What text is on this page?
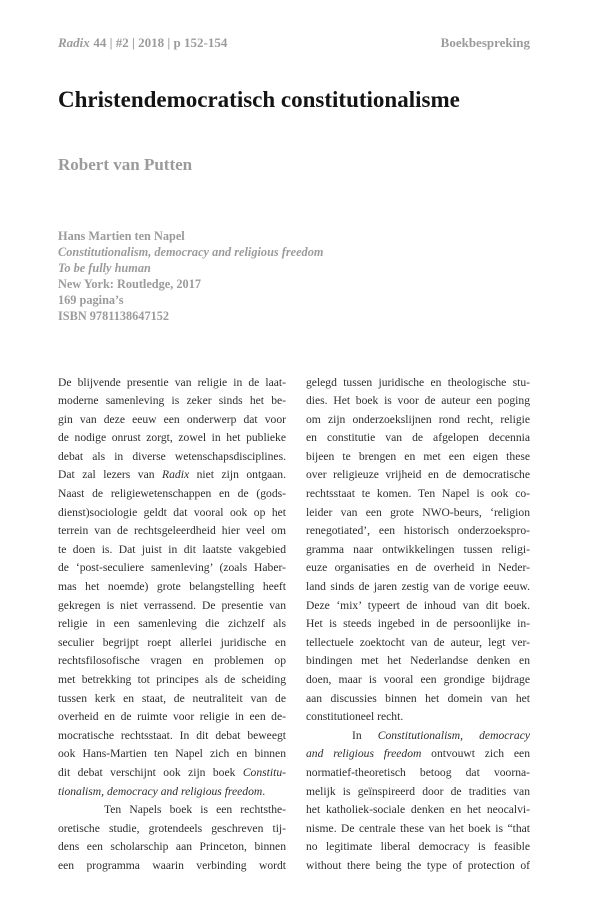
Radix 44 | #2 | 2018 | p 152-154	Boekbespreking
Christendemocratisch constitutionalisme
Robert van Putten
Hans Martien ten Napel
Constitutionalism, democracy and religious freedom
To be fully human
New York: Routledge, 2017
169 pagina’s
ISBN 9781138647152
De blijvende presentie van religie in de laat-
moderne samenleving is zeker sinds het be-
gin van deze eeuw een onderwerp dat voor
de nodige onrust zorgt, zowel in het publieke
debat als in diverse wetenschapsdisciplines.
Dat zal lezers van Radix niet zijn ontgaan.
Naast de religiewetenschappen en de (gods-
dienst)sociologie geldt dat vooral ook op het
terrein van de rechtsgeleerdheid hier veel om
te doen is. Dat juist in dit laatste vakgebied
de ‘post-seculiere samenleving’ (zoals Haber-
mas het noemde) grote belangstelling heeft
gekregen is niet verrassend. De presentie van
religie in een samenleving die zichzelf als
seculier begrijpt roept allerlei juridische en
rechtsfilosofische vragen en problemen op
met betrekking tot principes als de scheiding
tussen kerk en staat, de neutraliteit van de
overheid en de ruimte voor religie in een de-
mocratische rechtsstaat. In dit debat beweegt
ook Hans-Martien ten Napel zich en binnen
dit debat verschijnt ook zijn boek Constitu-
tionalism, democracy and religious freedom.
Ten Napels boek is een rechtsthe-
oretische studie, grotendeels geschreven tij-
dens een scholarschip aan Princeton, binnen
een programma waarin verbinding wordt
gelegd tussen juridische en theologische stu-
dies. Het boek is voor de auteur een poging
om zijn onderzoekslijnen rond recht, religie
en constitutie van de afgelopen decennia
bijeen te brengen en met een eigen these
over religieuze vrijheid en de democratische
rechtsstaat te komen. Ten Napel is ook co-
leider van een grote NWO-beurs, ‘religion
renegotiated’, een historisch onderzoekspro-
gramma naar ontwikkelingen tussen religi-
euze organisaties en de overheid in Neder-
land sinds de jaren zestig van de vorige eeuw.
Deze ‘mix’ typeert de inhoud van dit boek.
Het is steeds ingebed in de persoonlijke in-
tellectuele zoektocht van de auteur, legt ver-
bindingen met het Nederlandse denken en
doen, maar is vooral een grondige bijdrage
aan discussies binnen het domein van het
constitutioneel recht.
In Constitutionalism, democracy
and religious freedom ontvouwt zich een
normatief-theoretisch betoog dat voorna-
melijk is geïnspireerd door de tradities van
het katholiek-sociale denken en het neocalvi-
nisme. De centrale these van het boek is “that
no legitimate liberal democracy is feasible
without there being the type of protection of
